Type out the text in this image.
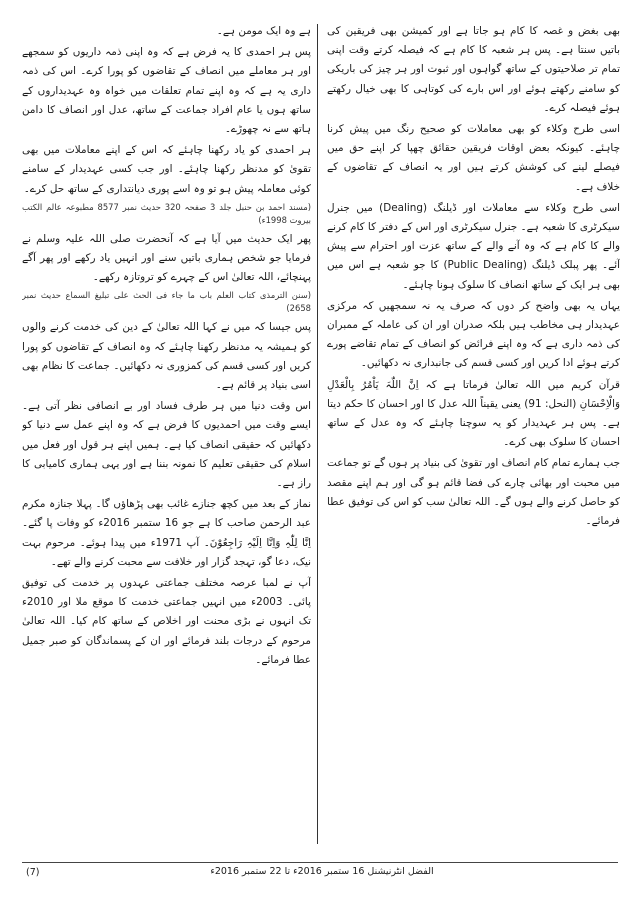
بھی بغض و غصہ کا کام ہو جاتا ہے اور کمیشن بھی فریقین کی باتیں سنتا ہے۔ پس ہر شعبہ کا کام ہے کہ فیصلہ کرتے وقت اپنی تمام تر صلاحیتوں کے ساتھ گواہوں اور ثبوت اور ہر چیز کی باریکی کو سامنے رکھتے ہوئے اور اس بارے کی کوتاہی کا بھی خیال رکھتے ہوئے فیصلہ کرے۔

اسی طرح وکلاء کو بھی معاملات کو صحیح رنگ میں پیش کرنا چاہئے۔ کیونکہ بعض اوقات فریقین حقائق چھپا کر اپنے حق میں فیصلے لینے کی کوشش کرتے ہیں اور یہ انصاف کے تقاضوں کے خلاف ہے۔

اسی طرح وکلاء سے معاملات اور ڈیلنگ (Dealing) میں جنرل سیکرٹری کا شعبہ ہے۔ جنرل سیکرٹری اور اس کے دفتر کا کام کرنے والے کا کام ہے کہ وہ آنے والے کے ساتھ عزت اور احترام سے پیش آئے۔ پھر پبلک ڈیلنگ (Public Dealing) کا جو شعبہ ہے اس میں بھی ہر ایک کے ساتھ انصاف کا سلوک ہونا چاہئے۔

یہاں یہ بھی واضح کر دوں کہ صرف یہ نہ سمجھیں کہ مرکزی عہدیدار ہی مخاطب ہیں بلکہ صدران اور ان کی عاملہ کے ممبران کی ذمہ داری ہے کہ وہ اپنے فرائض کو انصاف کے تمام تقاضے پورے کرتے ہوئے ادا کریں اور کسی قسم کی جانبداری نہ دکھائیں۔

قرآن کریم میں اللہ تعالیٰ فرماتا ہے کہ اِنَّ اللّٰہَ یَاْمُرُ بِالْعَدْلِ وَالْاِحْسَانِ (النحل: 91) یعنی یقیناً اللہ عدل کا اور احسان کا حکم دیتا ہے۔ پس ہر عہدیدار کو یہ سوچنا چاہئے کہ وہ عدل کے ساتھ احسان کا سلوک بھی کرے۔

جب ہمارے تمام کام انصاف اور تقویٰ کی بنیاد پر ہوں گے تو جماعت میں محبت اور بھائی چارے کی فضا قائم ہو گی اور ہم اپنے مقصد کو حاصل کرنے والے ہوں گے۔ اللہ تعالیٰ سب کو اس کی توفیق عطا فرمائے۔

ہے وہ ایک مومن ہے۔

پس ہر احمدی کا یہ فرض ہے کہ وہ اپنی ذمہ داریوں کو سمجھے اور ہر معاملے میں انصاف کے تقاضوں کو پورا کرے۔ اس کی ذمہ داری یہ ہے کہ وہ اپنے تمام تعلقات میں خواہ وہ عہدیداروں کے ساتھ ہوں یا عام افراد جماعت کے ساتھ، عدل اور انصاف کا دامن ہاتھ سے نہ چھوڑے۔

ہر احمدی کو یاد رکھنا چاہئے کہ اس کے اپنے معاملات میں بھی تقویٰ کو مدنظر رکھنا چاہئے۔ اور جب کسی عہدیدار کے سامنے کوئی معاملہ پیش ہو تو وہ اسے پوری دیانتداری کے ساتھ حل کرے۔

(مسند احمد بن حنبل جلد 3 صفحہ 320 حدیث نمبر 8577 مطبوعہ عالم الکتب بیروت 1998ء)

پھر ایک حدیث میں آیا ہے کہ آنحضرت صلی اللہ علیہ وسلم نے فرمایا جو شخص ہماری باتیں سنے اور انہیں یاد رکھے اور پھر آگے پہنچائے، اللہ تعالیٰ اس کے چہرے کو تروتازہ رکھے۔

(سنن الترمذی کتاب العلم باب ما جاء فی الحث علی تبلیغ السماع حدیث نمبر 2658)

پس جیسا کہ میں نے کہا اللہ تعالیٰ کے دین کی خدمت کرنے والوں کو ہمیشہ یہ مدنظر رکھنا چاہئے کہ وہ انصاف کے تقاضوں کو پورا کریں اور کسی قسم کی کمزوری نہ دکھائیں۔ جماعت کا نظام بھی اسی بنیاد پر قائم ہے۔

اس وقت دنیا میں ہر طرف فساد اور بے انصافی نظر آتی ہے۔ ایسے وقت میں احمدیوں کا فرض ہے کہ وہ اپنے عمل سے دنیا کو دکھائیں کہ حقیقی انصاف کیا ہے۔ ہمیں اپنے ہر قول اور فعل میں اسلام کی حقیقی تعلیم کا نمونہ بننا ہے اور یہی ہماری کامیابی کا راز ہے۔

نماز کے بعد میں کچھ جنازے غائب بھی پڑھاؤں گا۔ پہلا جنازہ مکرم عبد الرحمن صاحب کا ہے جو 16 ستمبر 2016ء کو وفات پا گئے۔ اِنَّا لِلّٰہِ وَاِنَّا اِلَیْہِ رَاجِعُوْنَ۔ آپ 1971ء میں پیدا ہوئے۔ مرحوم بہت نیک، دعا گو، تہجد گزار اور خلافت سے محبت کرنے والے تھے۔

آپ نے لمبا عرصہ مختلف جماعتی عہدوں پر خدمت کی توفیق پائی۔ 2003ء میں انہیں جماعتی خدمت کا موقع ملا اور 2010ء تک انہوں نے بڑی محنت اور اخلاص کے ساتھ کام کیا۔ اللہ تعالیٰ مرحوم کے درجات بلند فرمائے اور ان کے پسماندگان کو صبر جمیل عطا فرمائے۔

(7)	الفضل انٹرنیشنل 16 ستمبر 2016ء تا 22 ستمبر 2016ء
